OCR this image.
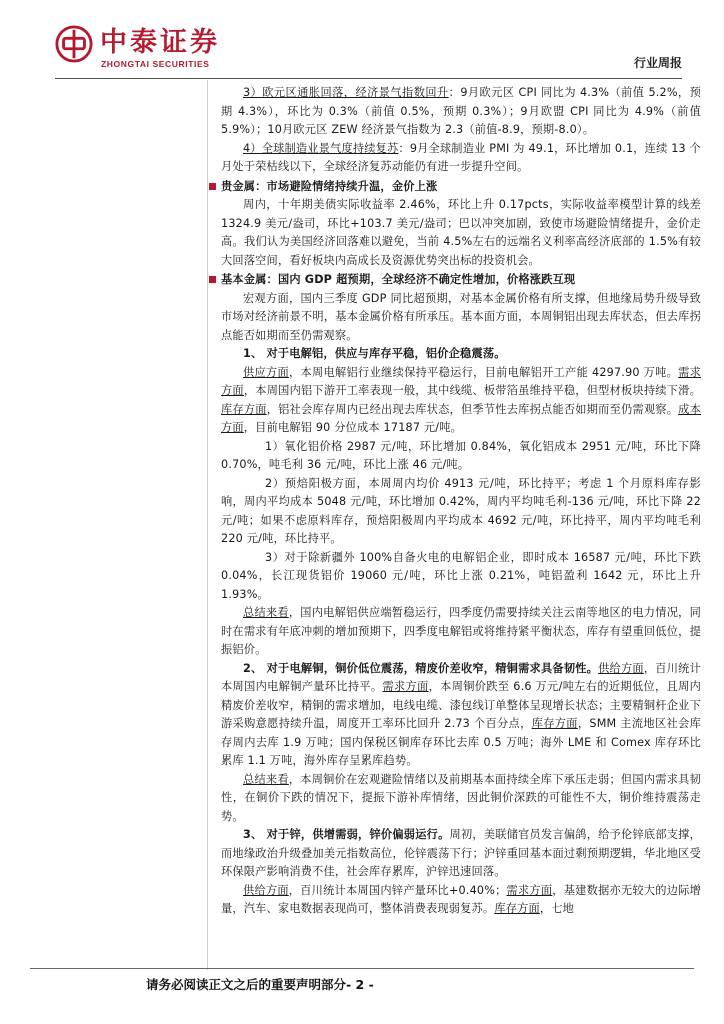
中泰证券
ZHONGTAI SECURITIES	行业周报

3）欧元区通胀回落，经济景气指数回升：9月欧元区 CPI 同比为 4.3%（前值 5.2%，预期 4.3%），环比为 0.3%（前值 0.5%，预期 0.3%）；9月欧盟 CPI 同比为 4.9%（前值 5.9%）；10月欧元区 ZEW 经济景气指数为 2.3（前值-8.9，预期-8.0）。

4）全球制造业景气度持续复苏：9月全球制造业 PMI 为 49.1，环比增加 0.1，连续 13 个月处于荣枯线以下，全球经济复苏动能仍有进一步提升空间。

贵金属：市场避险情绪持续升温，金价上涨

周内，十年期美债实际收益率 2.46%，环比上升 0.17pcts，实际收益率模型计算的线差 1324.9 美元/盎司，环比+103.7 美元/盎司；巴以冲突加剧，致使市场避险情绪提升，金价走高。我们认为美国经济回落难以避免，当前 4.5%左右的远端名义利率高经济底部的 1.5%有较大回落空间，看好板块内高成长及资源优势突出标的投资机会。

基本金属：国内 GDP 超预期，全球经济不确定性增加，价格涨跌互现

宏观方面，国内三季度 GDP 同比超预期，对基本金属价格有所支撑，但地缘局势升级导致市场对经济前景不明，基本金属价格有所承压。基本面方面，本周铜铝出现去库状态，但去库拐点能否如期而至仍需观察。

1、 对于电解铝，供应与库存平稳，铝价企稳震荡。

供应方面，本周电解铝行业继续保持平稳运行，目前电解铝开工产能 4297.90 万吨。需求方面，本周国内铝下游开工率表现一般，其中线缆、板带箔虽维持平稳，但型材板块持续下滑。库存方面，铝社会库存周内已经出现去库状态，但季节性去库拐点能否如期而至仍需观察。成本方面，目前电解铝 90 分位成本 17187 元/吨。

1）氧化铝价格 2987 元/吨，环比增加 0.84%，氧化铝成本 2951 元/吨，环比下降 0.70%，吨毛利 36 元/吨，环比上涨 46 元/吨。

2）预焙阳极方面，本周周内均价 4913 元/吨，环比持平；考虑 1 个月原料库存影响，周内平均成本 5048 元/吨，环比增加 0.42%，周内平均吨毛利-136 元/吨，环比下降 22 元/吨；如果不虑原料库存，预焙阳极周内平均成本 4692 元/吨，环比持平，周内平均吨毛利 220 元/吨，环比持平。

3）对于除新疆外 100%自备火电的电解铝企业，即时成本 16587 元/吨，环比下跌 0.04%，长江现货铝价 19060 元/吨，环比上涨 0.21%，吨铝盈利 1642 元，环比上升 1.93%。

总结来看，国内电解铝供应端暂稳运行，四季度仍需要持续关注云南等地区的电力情况，同时在需求有年底冲刺的增加预期下，四季度电解铝或将维持紧平衡状态，库存有望重回低位，提振铝价。

2、 对于电解铜，铜价低位震荡，精废价差收窄，精铜需求具备韧性。供给方面，百川统计本周国内电解铜产量环比持平。需求方面，本周铜价跌至 6.6 万元/吨左右的近期低位，且周内精废价差收窄，精铜的需求增加，电线电缆、漆包线订单整体呈现增长状态；主要精铜杆企业下游采购意愿持续升温，周度开工率环比回升 2.73 个百分点，库存方面，SMM 主流地区社会库存周内去库 1.9 万吨；国内保税区铜库存环比去库 0.5 万吨；海外 LME 和 Comex 库存环比累库 1.1 万吨，海外库存呈累库趋势。

总结来看，本周铜价在宏观避险情绪以及前期基本面持续全库下承压走弱；但国内需求具韧性，在铜价下跌的情况下，提振下游补库情绪，因此铜价深跌的可能性不大，铜价维持震荡走势。

3、 对于锌，供增需弱，锌价偏弱运行。周初，美联储官员发言偏鸽，给予伦锌底部支撑，而地缘政治升级叠加美元指数高位，伦锌震荡下行；沪锌重回基本面过剩预期逻辑，华北地区受环保限产影响消费不佳，社会库存累库，沪锌迅速回落。

供给方面，百川统计本周国内锌产量环比+0.40%；需求方面，基建数据亦无较大的边际增量，汽车、家电数据表现尚可，整体消费表现弱复苏。库存方面，七地

请务必阅读正文之后的重要声明部分- 2 -
